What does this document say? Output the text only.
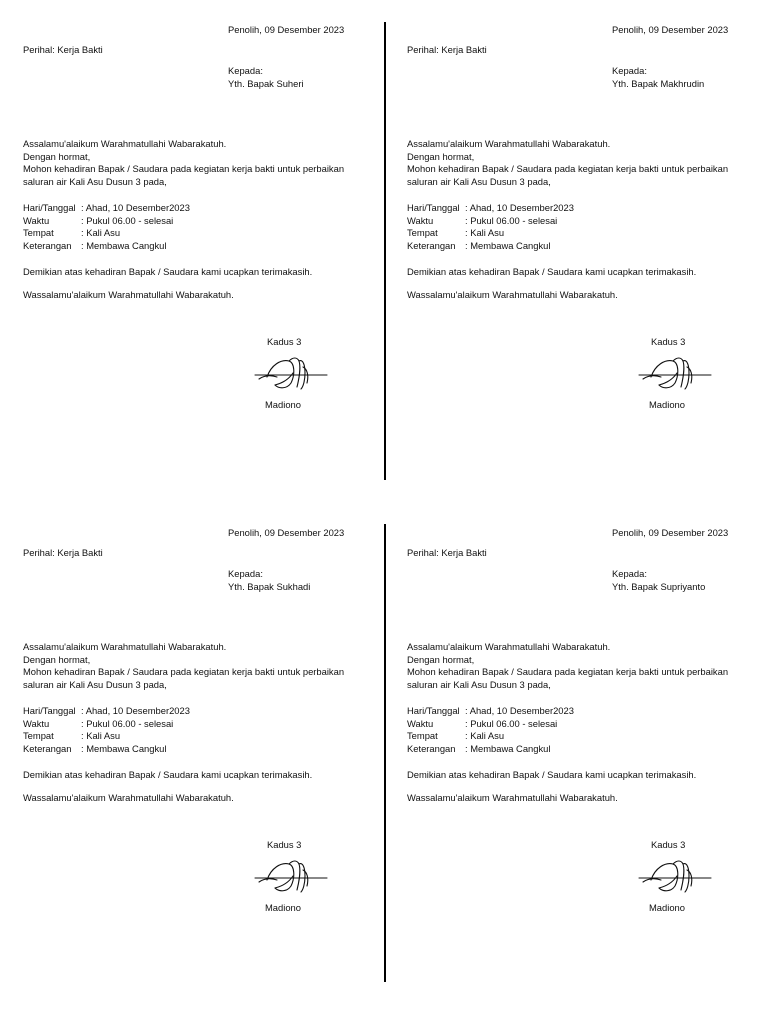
Penolih, 09 Desember 2023
Perihal: Kerja Bakti
Kepada:
Yth. Bapak Suheri
Assalamu'alaikum Warahmatullahi Wabarakatuh.
Dengan hormat,
Mohon kehadiran Bapak / Saudara pada kegiatan kerja bakti untuk perbaikan
saluran air Kali Asu Dusun 3 pada,
Hari/Tanggal : Ahad, 10 Desember2023
Waktu	: Pukul 06.00 - selesai
Tempat	: Kali Asu
Keterangan	: Membawa Cangkul
Demikian atas kehadiran Bapak / Saudara kami ucapkan terimakasih.
Wassalamu'alaikum Warahmatullahi Wabarakatuh.
Kadus 3
Madiono
Penolih, 09 Desember 2023
Perihal: Kerja Bakti
Kepada:
Yth. Bapak Makhrudin
Assalamu'alaikum Warahmatullahi Wabarakatuh.
Dengan hormat,
Mohon kehadiran Bapak / Saudara pada kegiatan kerja bakti untuk perbaikan
saluran air Kali Asu Dusun 3 pada,
Hari/Tanggal : Ahad, 10 Desember2023
Waktu	: Pukul 06.00 - selesai
Tempat	: Kali Asu
Keterangan	: Membawa Cangkul
Demikian atas kehadiran Bapak / Saudara kami ucapkan terimakasih.
Wassalamu'alaikum Warahmatullahi Wabarakatuh.
Kadus 3
Madiono
Penolih, 09 Desember 2023
Perihal: Kerja Bakti
Kepada:
Yth. Bapak Sukhadi
Assalamu'alaikum Warahmatullahi Wabarakatuh.
Dengan hormat,
Mohon kehadiran Bapak / Saudara pada kegiatan kerja bakti untuk perbaikan
saluran air Kali Asu Dusun 3 pada,
Hari/Tanggal : Ahad, 10 Desember2023
Waktu	: Pukul 06.00 - selesai
Tempat	: Kali Asu
Keterangan	: Membawa Cangkul
Demikian atas kehadiran Bapak / Saudara kami ucapkan terimakasih.
Wassalamu'alaikum Warahmatullahi Wabarakatuh.
Kadus 3
Madiono
Penolih, 09 Desember 2023
Perihal: Kerja Bakti
Kepada:
Yth. Bapak Supriyanto
Assalamu'alaikum Warahmatullahi Wabarakatuh.
Dengan hormat,
Mohon kehadiran Bapak / Saudara pada kegiatan kerja bakti untuk perbaikan
saluran air Kali Asu Dusun 3 pada,
Hari/Tanggal : Ahad, 10 Desember2023
Waktu	: Pukul 06.00 - selesai
Tempat	: Kali Asu
Keterangan	: Membawa Cangkul
Demikian atas kehadiran Bapak / Saudara kami ucapkan terimakasih.
Wassalamu'alaikum Warahmatullahi Wabarakatuh.
Kadus 3
Madiono
